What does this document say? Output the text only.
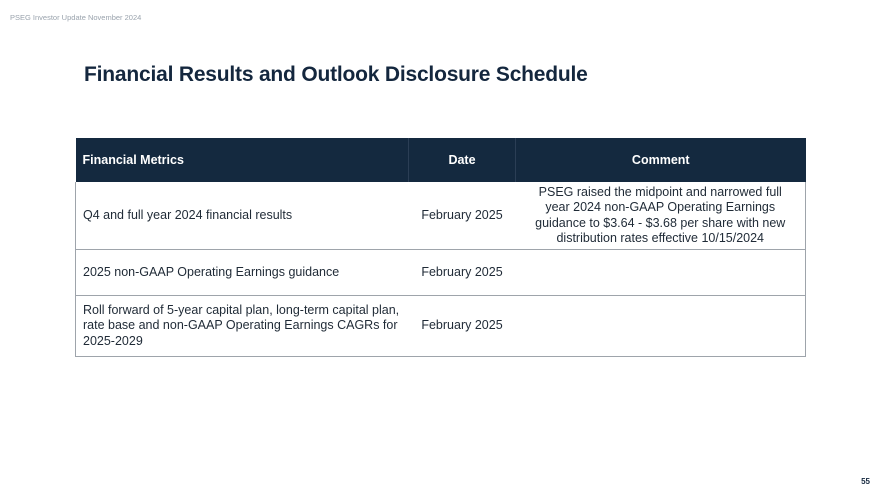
PSEG Investor Update November 2024
Financial Results and Outlook Disclosure Schedule
Financial Metrics	Date	Comment
Q4 and full year 2024 financial results	February 2025	PSEG raised the midpoint and narrowed full year 2024 non-GAAP Operating Earnings guidance to $3.64 - $3.68 per share with new distribution rates effective 10/15/2024
2025 non-GAAP Operating Earnings guidance	February 2025	
Roll forward of 5-year capital plan, long-term capital plan, rate base and non-GAAP Operating Earnings CAGRs for 2025-2029	February 2025	
55
